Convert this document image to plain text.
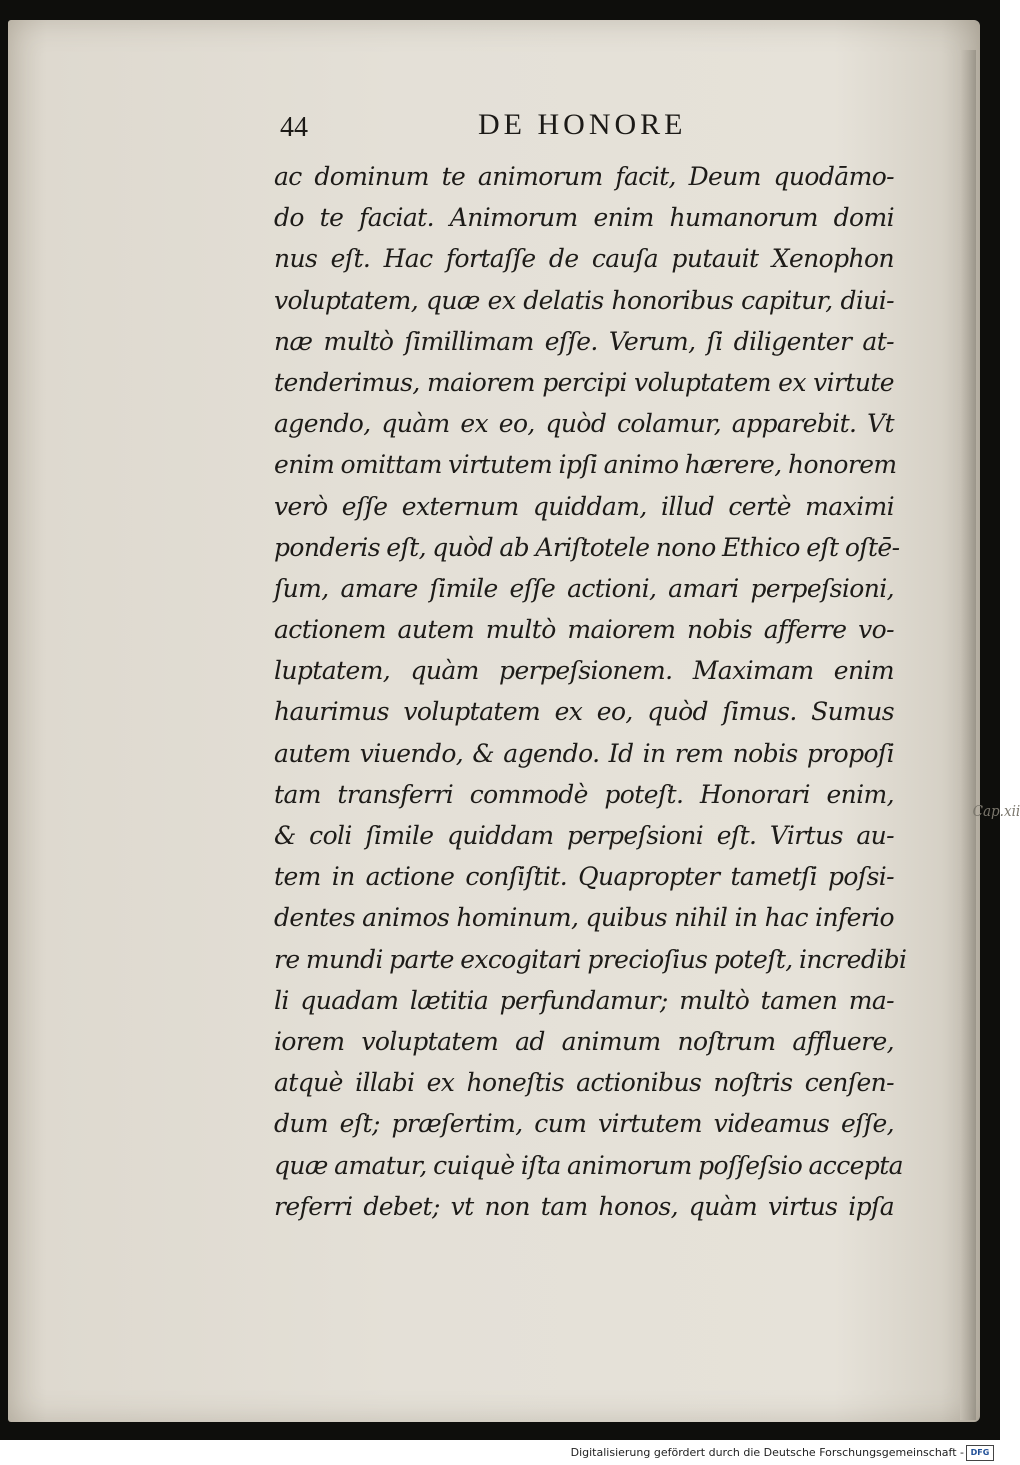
Cap.xii
44	DE HONORE
ac dominum te animorum facit, Deum quodāmo-
do te faciat. Animorum enim humanorum domi
nus eſt. Hac fortaſſe de cauſa putauit Xenophon
voluptatem, quæ ex delatis honoribus capitur, diui-
næ multò ſimillimam eſſe. Verum, ſi diligenter at-
tenderimus, maiorem percipi voluptatem ex virtute
agendo, quàm ex eo, quòd colamur, apparebit. Vt
enim omittam virtutem ipſi animo hærere, honorem
verò eſſe externum quiddam, illud certè maximi
ponderis eſt, quòd ab Ariſtotele nono Ethico eſt oſtē-
ſum, amare ſimile eſſe actioni, amari perpeſsioni,
actionem autem multò maiorem nobis afferre vo-
luptatem, quàm perpeſsionem. Maximam enim
haurimus voluptatem ex eo, quòd ſimus. Sumus
autem viuendo, & agendo. Id in rem nobis propoſi
tam transferri commodè poteſt. Honorari enim,
& coli ſimile quiddam perpeſsioni eſt. Virtus au-
tem in actione conſiſtit. Quapropter tametſi poſsi-
dentes animos hominum, quibus nihil in hac inferio
re mundi parte excogitari precioſius poteſt, incredibi
li quadam lætitia perfundamur; multò tamen ma-
iorem voluptatem ad animum noſtrum affluere,
atquè illabi ex honeſtis actionibus noſtris cenſen-
dum eſt; præſertim, cum virtutem videamus eſſe,
quæ amatur, cuiquè iſta animorum poſſeſsio accepta
referri debet; vt non tam honos, quàm virtus ipſa
Digitalisierung gefördert durch die Deutsche Forschungsgemeinschaft - DFG
